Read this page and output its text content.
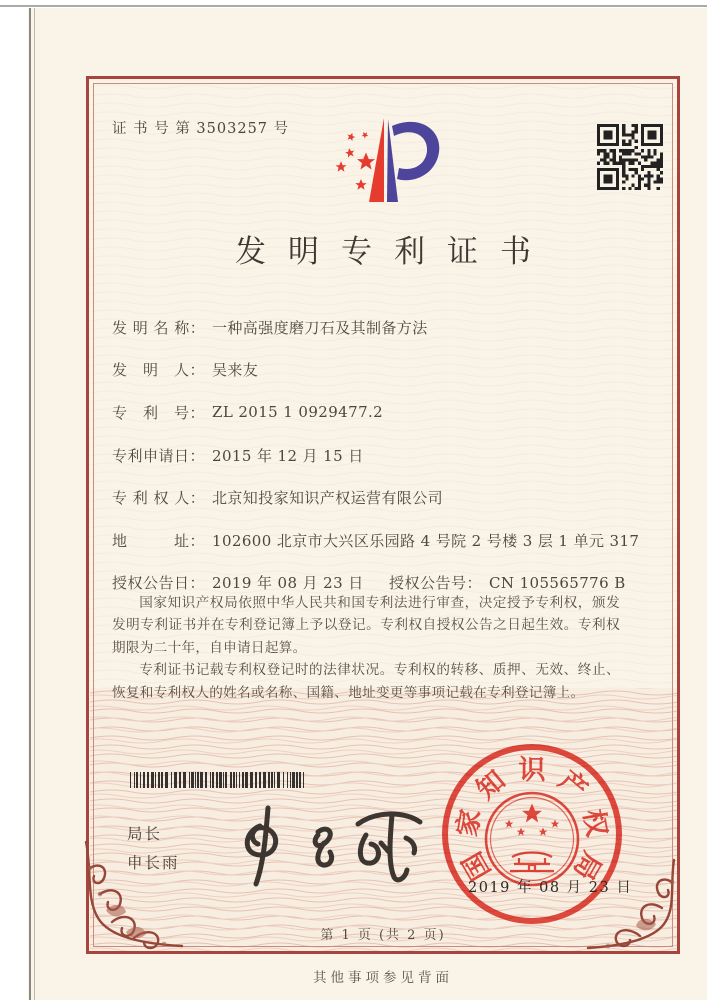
证 书 号 第 3503257 号
发明专利证书
发 明 名 称： 一种高强度磨刀石及其制备方法
发　明　人： 吴来友
专　利　号： ZL 2015 1 0929477.2
专利申请日： 2015 年 12 月 15 日
专 利 权 人： 北京知投家知识产权运营有限公司
地　　　址： 102600 北京市大兴区乐园路 4 号院 2 号楼 3 层 1 单元 317
授权公告日： 2019 年 08 月 23 日 授权公告号： CN 105565776 B

国家知识产权局依照中华人民共和国专利法进行审查，决定授予专利权，颁发发明专利证书并在专利登记簿上予以登记。专利权自授权公告之日起生效。专利权期限为二十年，自申请日起算。

专利证书记载专利权登记时的法律状况。专利权的转移、质押、无效、终止、恢复和专利权人的姓名或名称、国籍、地址变更等事项记载在专利登记簿上。

局长
申长雨	国
家
知 识 产
权
局
2019 年 08 月 23 日
第 1 页 (共 2 页)
其他事项参见背面
